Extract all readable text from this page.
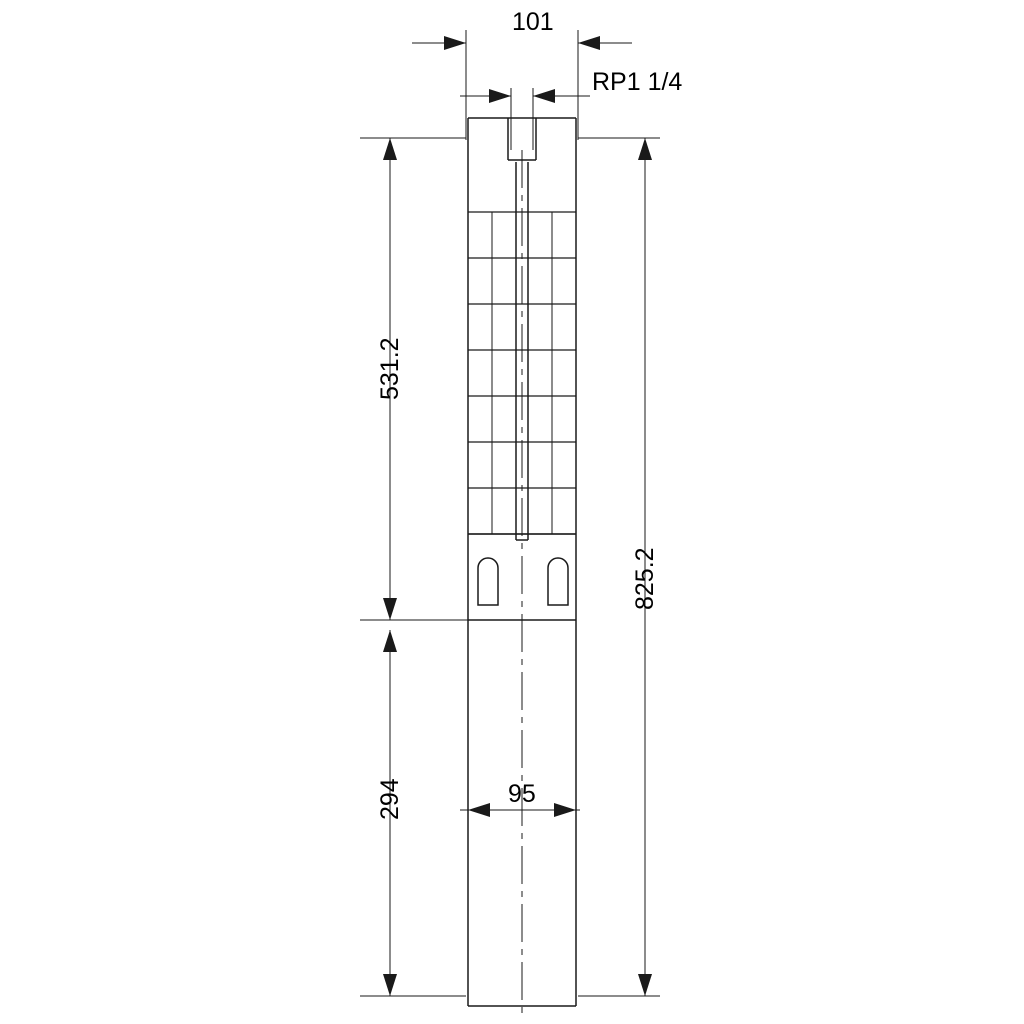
101
RP1 1/4
531.2
825.2
294	95
